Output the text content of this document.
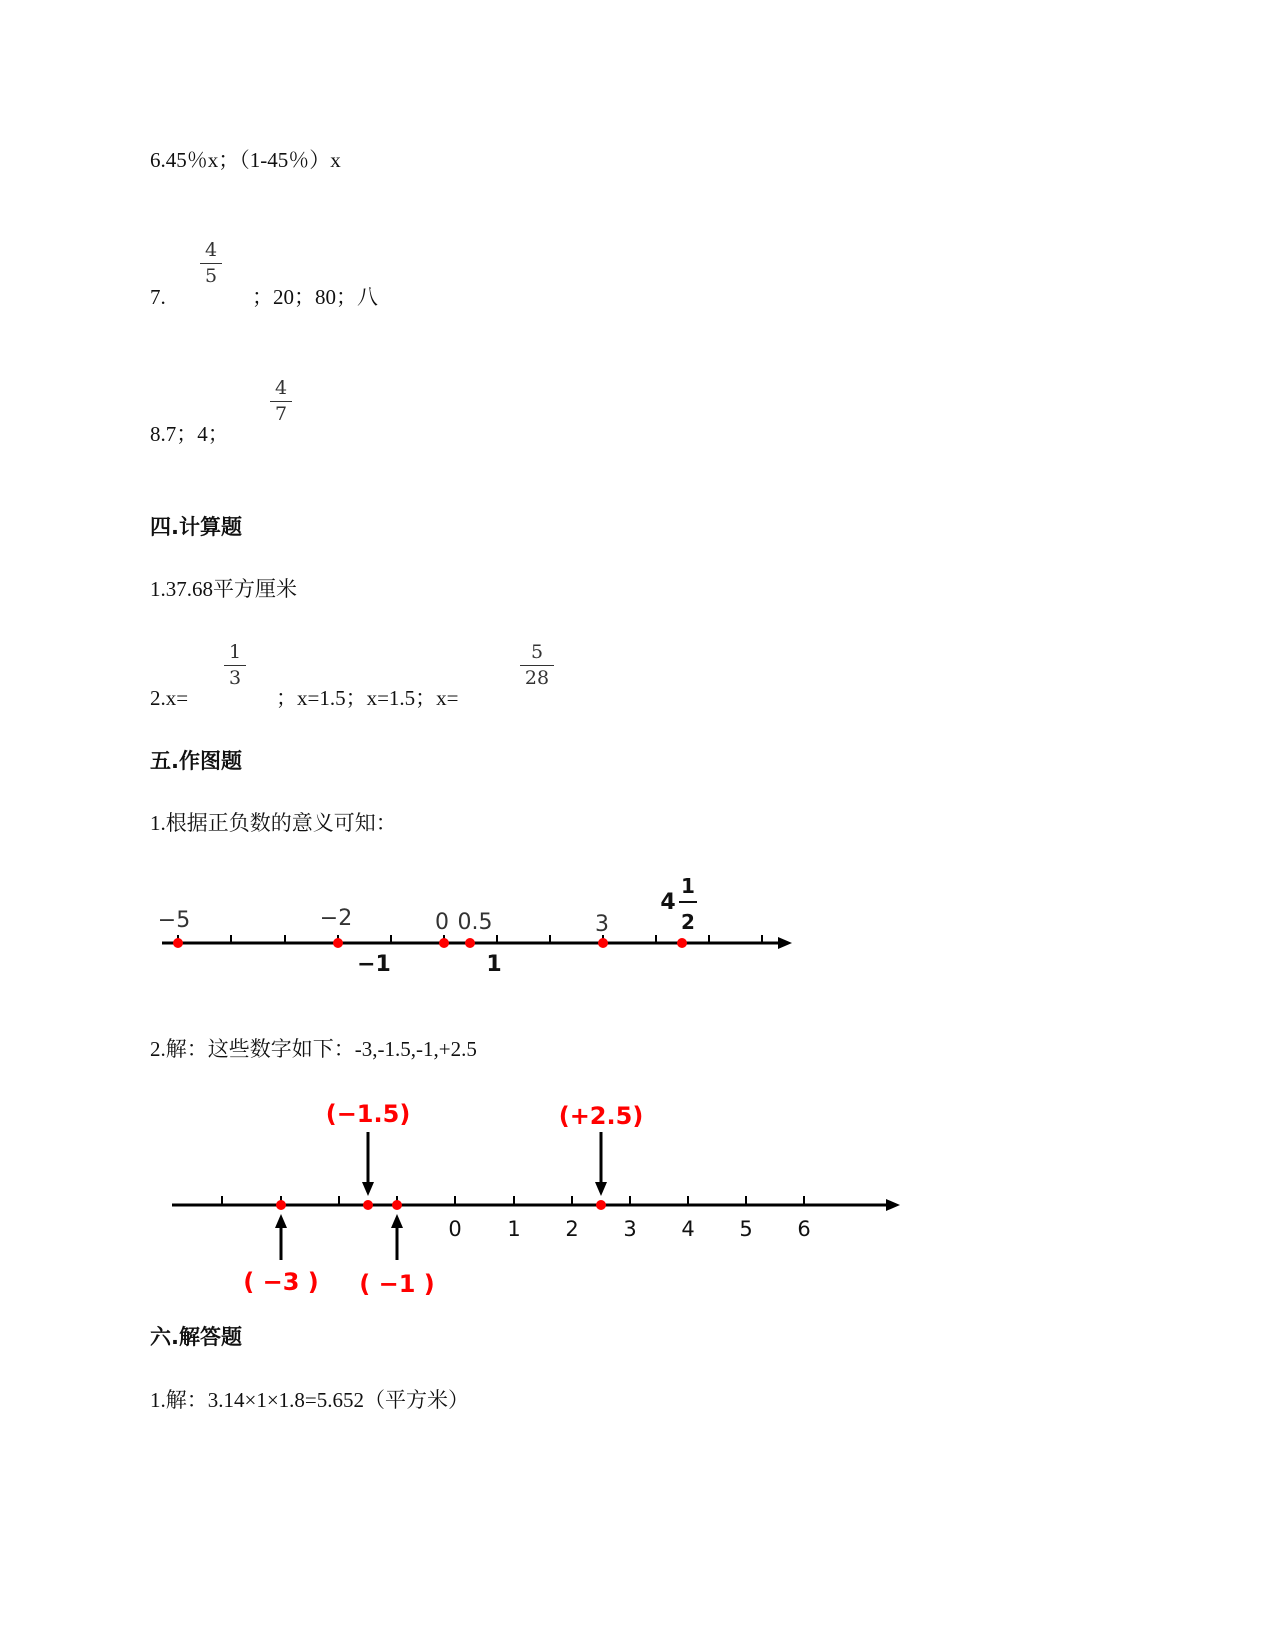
6.45％x；（1-45％）x
7.
4
5
；20；80；八
8.7；4；
4
7
四.计算题
1.37.68平方厘米
2.x=
1
3
；x=1.5；x=1.5；x=
5
28
五.作图题
1.根据正负数的意义可知：
−5	−2	0 0.5	3
−1	1
4
1
2
2.解：这些数字如下：-3,-1.5,-1,+2.5
0 1 2 3 4 5 6
(−1.5)	(+2.5)
( −3 ) ( −1 )
六.解答题
1.解：3.14×1×1.8=5.652（平方米）
